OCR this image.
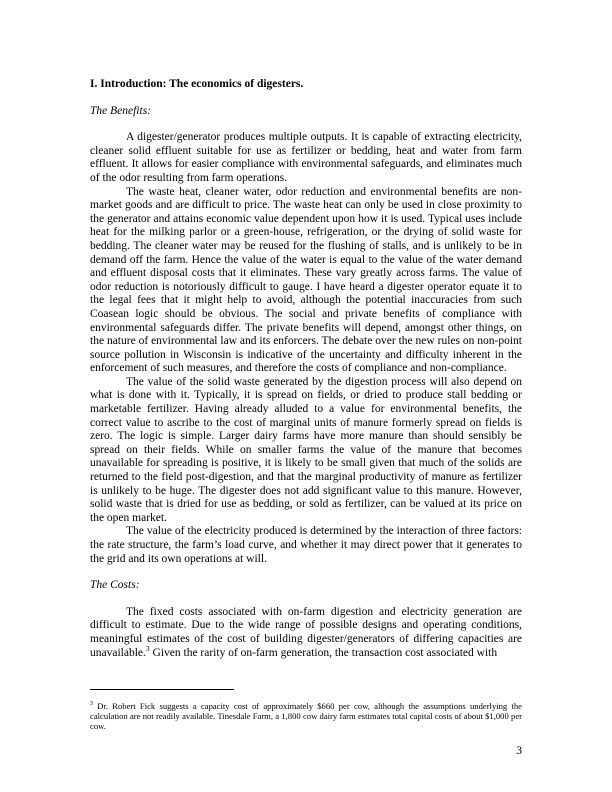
I. Introduction: The economics of digesters.

The Benefits:

A digester/generator produces multiple outputs. It is capable of extracting electricity, cleaner solid effluent suitable for use as fertilizer or bedding, heat and water from farm effluent. It allows for easier compliance with environmental safeguards, and eliminates much of the odor resulting from farm operations.

The waste heat, cleaner water, odor reduction and environmental benefits are non-market goods and are difficult to price. The waste heat can only be used in close proximity to the generator and attains economic value dependent upon how it is used. Typical uses include heat for the milking parlor or a green-house, refrigeration, or the drying of solid waste for bedding. The cleaner water may be reused for the flushing of stalls, and is unlikely to be in demand off the farm. Hence the value of the water is equal to the value of the water demand and effluent disposal costs that it eliminates. These vary greatly across farms. The value of odor reduction is notoriously difficult to gauge. I have heard a digester operator equate it to the legal fees that it might help to avoid, although the potential inaccuracies from such Coasean logic should be obvious. The social and private benefits of compliance with environmental safeguards differ. The private benefits will depend, amongst other things, on the nature of environmental law and its enforcers. The debate over the new rules on non-point source pollution in Wisconsin is indicative of the uncertainty and difficulty inherent in the enforcement of such measures, and therefore the costs of compliance and non-compliance.

The value of the solid waste generated by the digestion process will also depend on what is done with it. Typically, it is spread on fields, or dried to produce stall bedding or marketable fertilizer. Having already alluded to a value for environmental benefits, the correct value to ascribe to the cost of marginal units of manure formerly spread on fields is zero. The logic is simple. Larger dairy farms have more manure than should sensibly be spread on their fields. While on smaller farms the value of the manure that becomes unavailable for spreading is positive, it is likely to be small given that much of the solids are returned to the field post-digestion, and that the marginal productivity of manure as fertilizer is unlikely to be huge. The digester does not add significant value to this manure. However, solid waste that is dried for use as bedding, or sold as fertilizer, can be valued at its price on the open market.

The value of the electricity produced is determined by the interaction of three factors: the rate structure, the farm’s load curve, and whether it may direct power that it generates to the grid and its own operations at will.

The Costs:

The fixed costs associated with on-farm digestion and electricity generation are difficult to estimate. Due to the wide range of possible designs and operating conditions, meaningful estimates of the cost of building digester/generators of differing capacities are unavailable.$^3$ Given the rarity of on-farm generation, the transaction cost associated with

$^3$ Dr. Robert Fick suggests a capacity cost of approximately $660 per cow, although the assumptions underlying the calculation are not readily available. Tinesdale Farm, a 1,800 cow dairy farm estimates total capital costs of about $1,000 per cow.

3
